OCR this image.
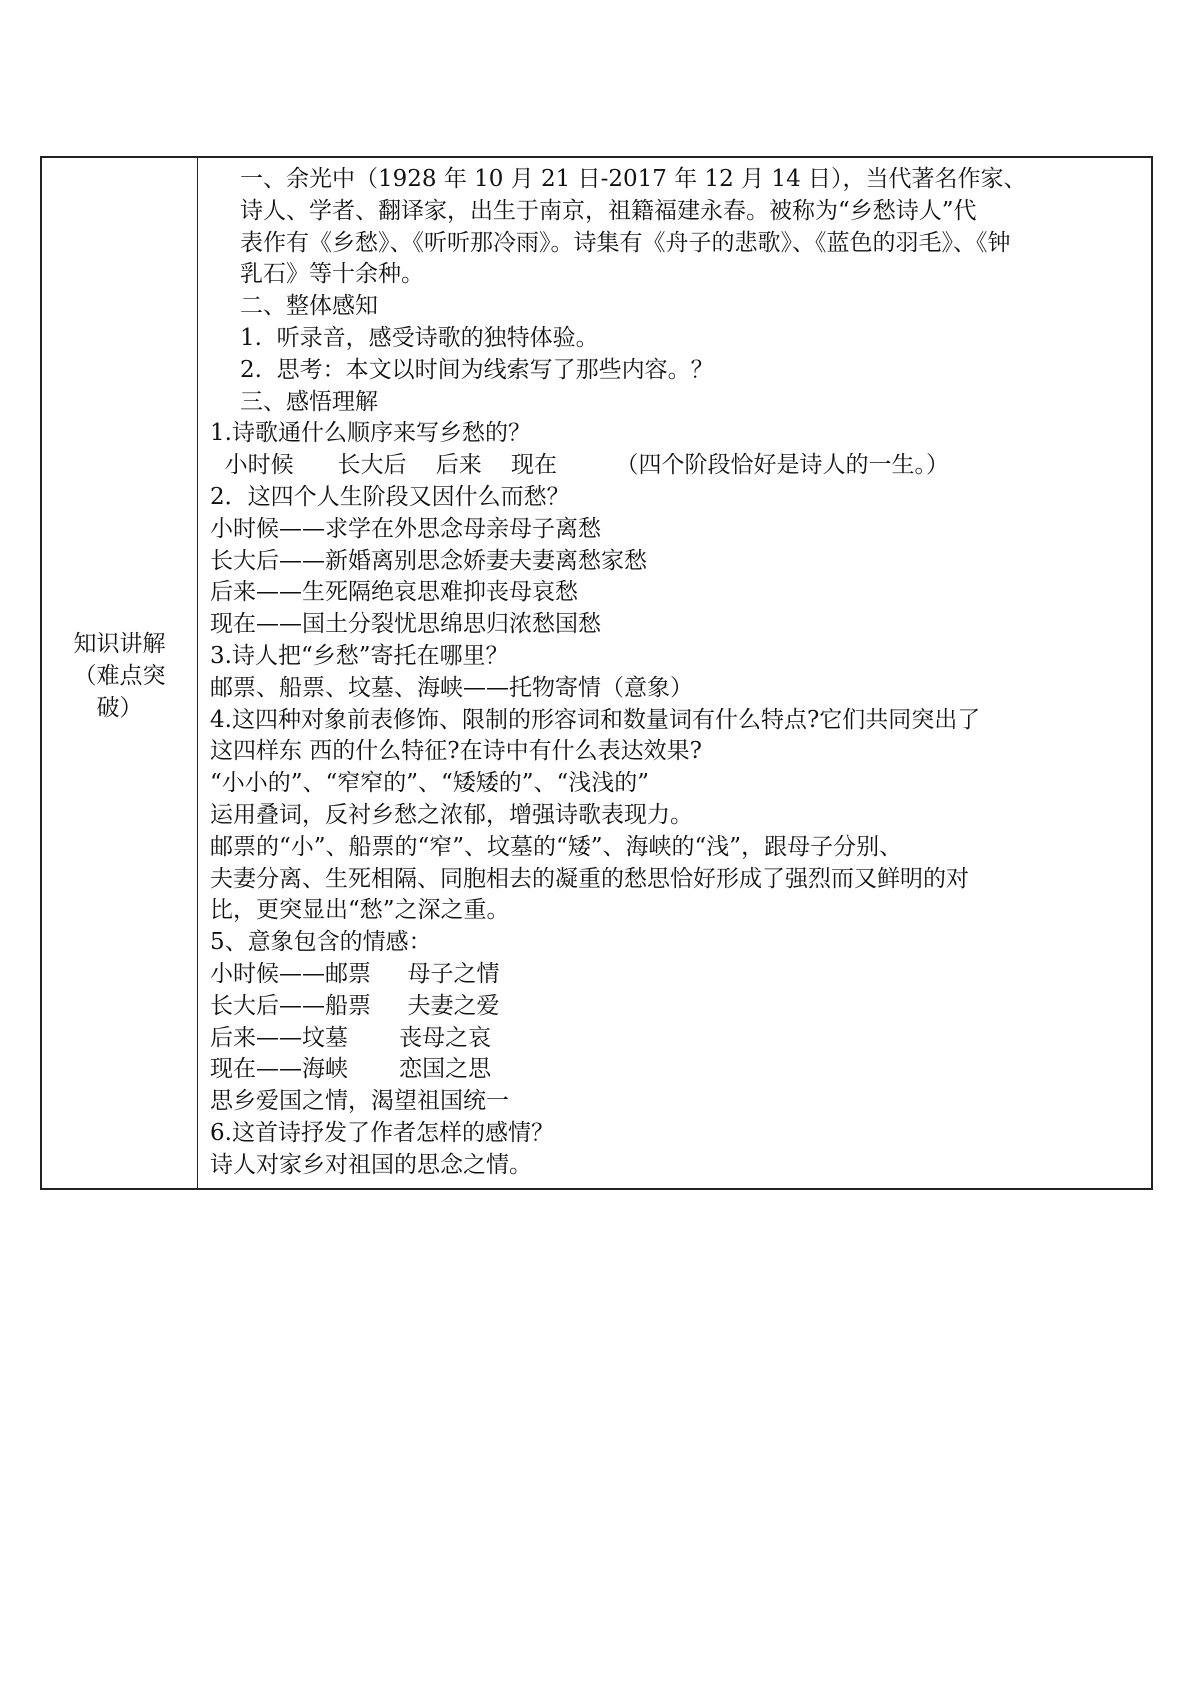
知识讲解
（难点突
破）
一、余光中（1928 年 10 月 21 日-2017 年 12 月 14 日），当代著名作家、
诗人、学者、翻译家，出生于南京，祖籍福建永春。被称为“乡愁诗人”代
表作有《乡愁》、《听听那冷雨》。诗集有《舟子的悲歌》、《蓝色的羽毛》、《钟
乳石》等十余种。
二、整体感知
1.  听录音，感受诗歌的独特体验。
2.  思考：本文以时间为线索写了那些内容。？
三、感悟理解
1.诗歌通什么顺序来写乡愁的？
小时候      长大后    后来    现在        （四个阶段恰好是诗人的一生。）
2．这四个人生阶段又因什么而愁？
小时候——求学在外思念母亲母子离愁
长大后——新婚离别思念娇妻夫妻离愁家愁
后来——生死隔绝哀思难抑丧母哀愁
现在——国土分裂忧思绵思归浓愁国愁
3.诗人把“乡愁”寄托在哪里？
邮票、船票、坟墓、海峡——托物寄情（意象）
4.这四种对象前表修饰、限制的形容词和数量词有什么特点?它们共同突出了
这四样东 西的什么特征?在诗中有什么表达效果?
“小小的”、“窄窄的”、“矮矮的”、“浅浅的”
运用叠词，反衬乡愁之浓郁，增强诗歌表现力。
邮票的“小”、船票的“窄”、坟墓的“矮”、海峡的“浅”，跟母子分别、
夫妻分离、生死相隔、同胞相去的凝重的愁思恰好形成了强烈而又鲜明的对
比，更突显出“愁”之深之重。
5、意象包含的情感：
小时候——邮票     母子之情
长大后——船票     夫妻之爱
后来——坟墓       丧母之哀
现在——海峡       恋国之思
思乡爱国之情，渴望祖国统一
6.这首诗抒发了作者怎样的感情？
诗人对家乡对祖国的思念之情。
